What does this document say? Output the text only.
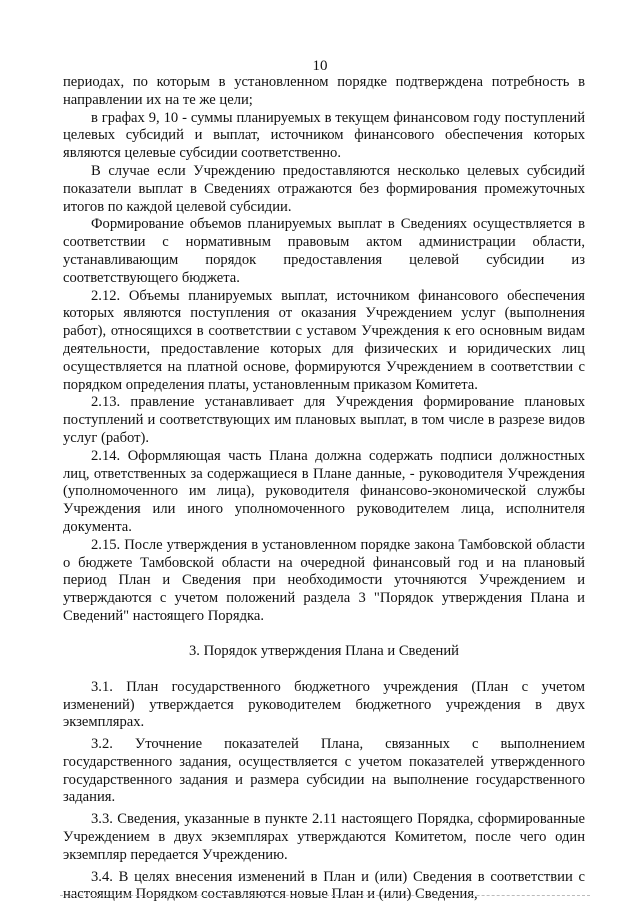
10

периодах, по которым в установленном порядке подтверждена потребность в направлении их на те же цели;

в графах 9, 10 - суммы планируемых в текущем финансовом году поступлений целевых субсидий и выплат, источником финансового обеспечения которых являются целевые субсидии соответственно.

В случае если Учреждению предоставляются несколько целевых субсидий показатели выплат в Сведениях отражаются без формирования промежуточных итогов по каждой целевой субсидии.

Формирование объемов планируемых выплат в Сведениях осуществляется в соответствии с нормативным правовым актом администрации области, устанавливающим порядок предоставления целевой субсидии из соответствующего бюджета.

2.12. Объемы планируемых выплат, источником финансового обеспечения которых являются поступления от оказания Учреждением услуг (выполнения работ), относящихся в соответствии с уставом Учреждения к его основным видам деятельности, предоставление которых для физических и юридических лиц осуществляется на платной основе, формируются Учреждением в соответствии с порядком определения платы, установленным приказом Комитета.

2.13. правление устанавливает для Учреждения формирование плановых поступлений и соответствующих им плановых выплат, в том числе в разрезе видов услуг (работ).

2.14. Оформляющая часть Плана должна содержать подписи должностных лиц, ответственных за содержащиеся в Плане данные, - руководителя Учреждения (уполномоченного им лица), руководителя финансово-экономической службы Учреждения или иного уполномоченного руководителем лица, исполнителя документа.

2.15. После утверждения в установленном порядке закона Тамбовской области о бюджете Тамбовской области на очередной финансовый год и на плановый период План и Сведения при необходимости уточняются Учреждением и утверждаются с учетом положений раздела 3 "Порядок утверждения Плана и Сведений" настоящего Порядка.

3. Порядок утверждения Плана и Сведений

3.1. План государственного бюджетного учреждения (План с учетом изменений) утверждается руководителем бюджетного учреждения в двух экземплярах.

3.2. Уточнение показателей Плана, связанных с выполнением государственного задания, осуществляется с учетом показателей утвержденного государственного задания и размера субсидии на выполнение государственного задания.

3.3. Сведения, указанные в пункте 2.11 настоящего Порядка, сформированные Учреждением в двух экземплярах утверждаются Комитетом, после чего один экземпляр передается Учреждению.

3.4. В целях внесения изменений в План и (или) Сведения в соответствии с настоящим Порядком составляются новые План и (или) Сведения,
